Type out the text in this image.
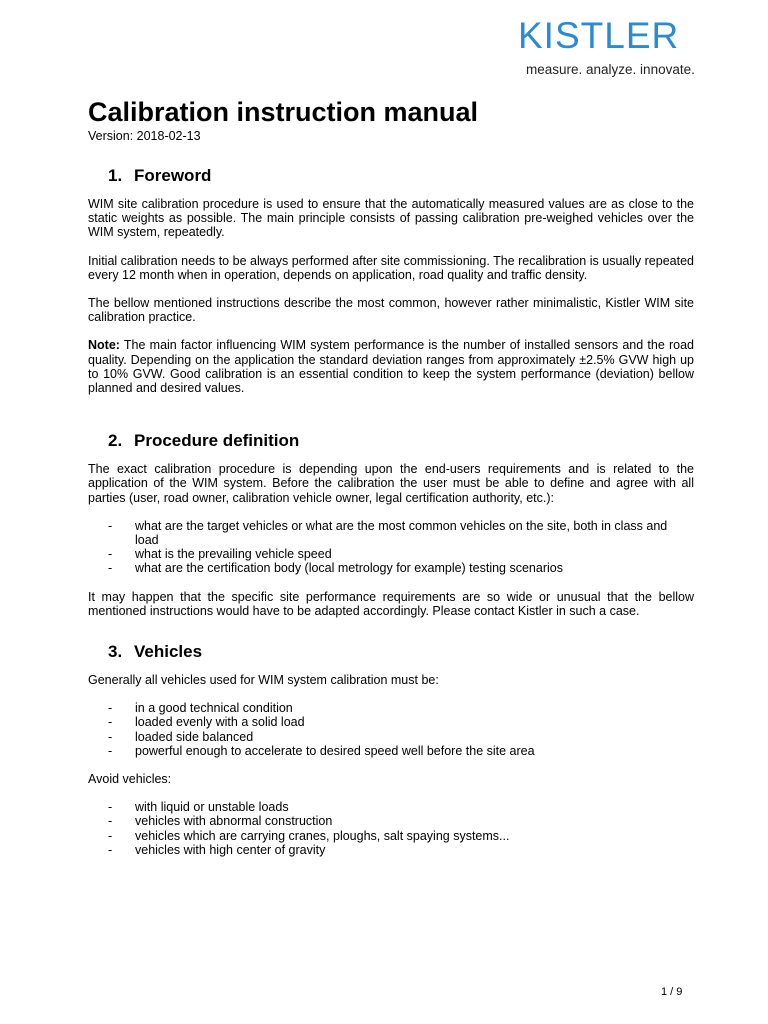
KISTLER
measure. analyze. innovate.
Calibration instruction manual
Version: 2018-02-13
1. Foreword

WIM site calibration procedure is used to ensure that the automatically measured values are as close to the static weights as possible. The main principle consists of passing calibration pre-weighed vehicles over the WIM system, repeatedly.

Initial calibration needs to be always performed after site commissioning. The recalibration is usually repeated every 12 month when in operation, depends on application, road quality and traffic density.

The bellow mentioned instructions describe the most common, however rather minimalistic, Kistler WIM site calibration practice.

Note: The main factor influencing WIM system performance is the number of installed sensors and the road quality. Depending on the application the standard deviation ranges from approximately ±2.5% GVW high up to 10% GVW. Good calibration is an essential condition to keep the system performance (deviation) bellow planned and desired values.

2. Procedure definition

The exact calibration procedure is depending upon the end-users requirements and is related to the application of the WIM system. Before the calibration the user must be able to define and agree with all parties (user, road owner, calibration vehicle owner, legal certification authority, etc.):

- what are the target vehicles or what are the most common vehicles on the site, both in class and load
- what is the prevailing vehicle speed
- what are the certification body (local metrology for example) testing scenarios

It may happen that the specific site performance requirements are so wide or unusual that the bellow mentioned instructions would have to be adapted accordingly. Please contact Kistler in such a case.

3. Vehicles

Generally all vehicles used for WIM system calibration must be:

- in a good technical condition
- loaded evenly with a solid load
- loaded side balanced
- powerful enough to accelerate to desired speed well before the site area

Avoid vehicles:

- with liquid or unstable loads
- vehicles with abnormal construction
- vehicles which are carrying cranes, ploughs, salt spaying systems...
- vehicles with high center of gravity
1 / 9
